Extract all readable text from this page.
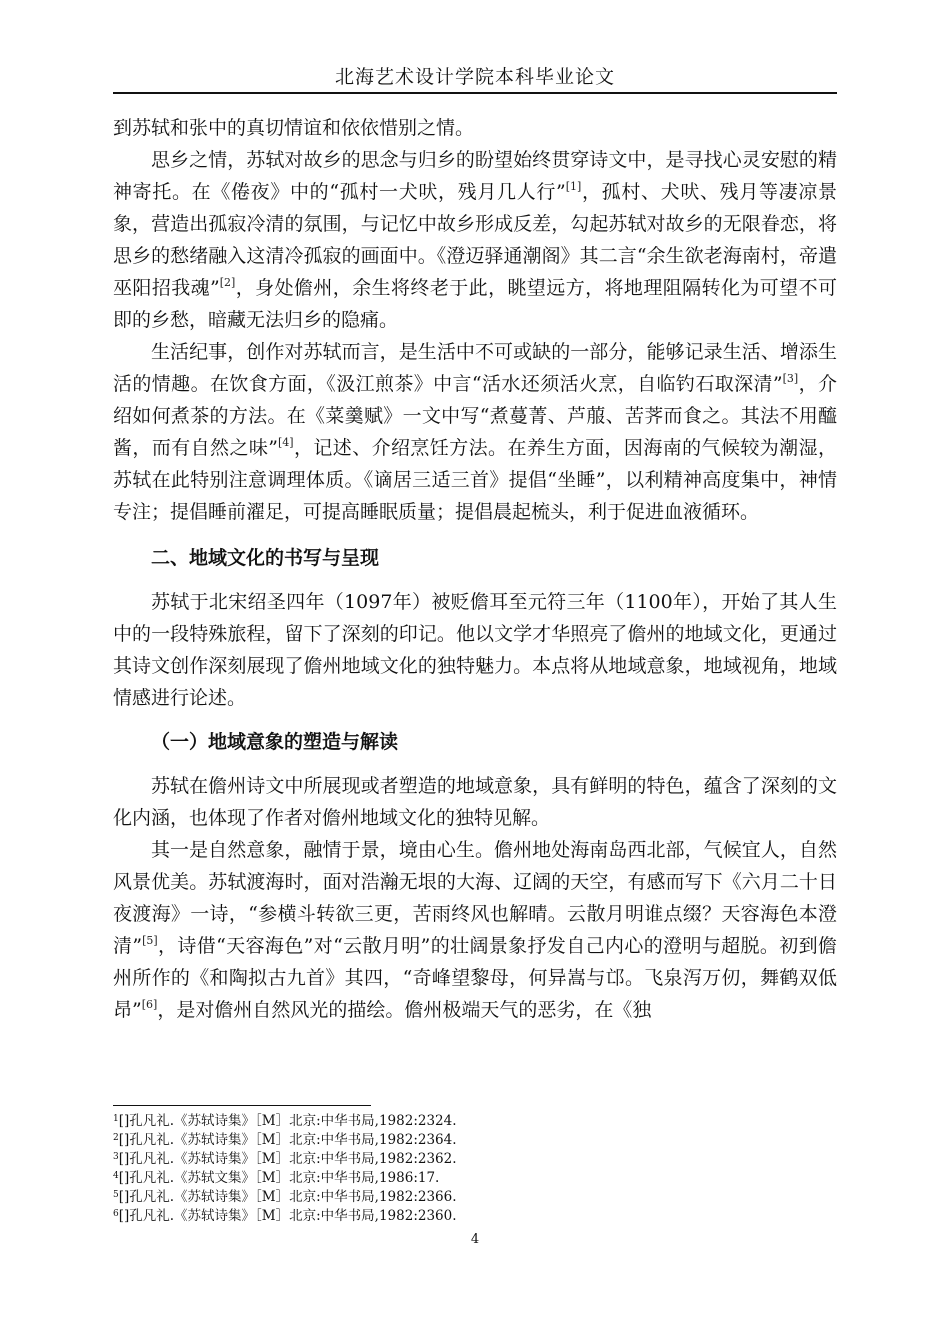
北海艺术设计学院本科毕业论文

到苏轼和张中的真切情谊和依依惜别之情。

思乡之情，苏轼对故乡的思念与归乡的盼望始终贯穿诗文中，是寻找心灵安慰的精神寄托。在《倦夜》中的“孤村一犬吠，残月几人行”[1]，孤村、犬吠、残月等凄凉景象，营造出孤寂冷清的氛围，与记忆中故乡形成反差，勾起苏轼对故乡的无限眷恋，将思乡的愁绪融入这清冷孤寂的画面中。《澄迈驿通潮阁》其二言“余生欲老海南村，帝遣巫阳招我魂”[2]，身处儋州，余生将终老于此，眺望远方，将地理阻隔转化为可望不可即的乡愁，暗藏无法归乡的隐痛。

生活纪事，创作对苏轼而言，是生活中不可或缺的一部分，能够记录生活、增添生活的情趣。在饮食方面，《汲江煎茶》中言“活水还须活火烹，自临钓石取深清”[3]，介绍如何煮茶的方法。在《菜羹赋》一文中写“煮蔓菁、芦菔、苦荠而食之。其法不用醯酱，而有自然之味”[4]，记述、介绍烹饪方法。在养生方面，因海南的气候较为潮湿，苏轼在此特别注意调理体质。《谪居三适三首》提倡“坐睡”，以利精神高度集中，神情专注；提倡睡前濯足，可提高睡眠质量；提倡晨起梳头，利于促进血液循环。

二、地域文化的书写与呈现

苏轼于北宋绍圣四年（1097年）被贬儋耳至元符三年（1100年），开始了其人生中的一段特殊旅程，留下了深刻的印记。他以文学才华照亮了儋州的地域文化，更通过其诗文创作深刻展现了儋州地域文化的独特魅力。本点将从地域意象，地域视角，地域情感进行论述。

（一）地域意象的塑造与解读

苏轼在儋州诗文中所展现或者塑造的地域意象，具有鲜明的特色，蕴含了深刻的文化内涵，也体现了作者对儋州地域文化的独特见解。

其一是自然意象，融情于景，境由心生。儋州地处海南岛西北部，气候宜人，自然风景优美。苏轼渡海时，面对浩瀚无垠的大海、辽阔的天空，有感而写下《六月二十日夜渡海》一诗，“参横斗转欲三更，苦雨终风也解晴。云散月明谁点缀？天容海色本澄清”[5]，诗借“天容海色”对“云散月明”的壮阔景象抒发自己内心的澄明与超脱。初到儋州所作的《和陶拟古九首》其四，“奇峰望黎母，何异嵩与邙。飞泉泻万仞，舞鹤双低昂”[6]，是对儋州自然风光的描绘。儋州极端天气的恶劣，在《独

$^1$[]孔凡礼.《苏轼诗集》［M］北京:中华书局,1982:2324.
$^2$[]孔凡礼.《苏轼诗集》［M］北京:中华书局,1982:2364.
$^3$[]孔凡礼.《苏轼诗集》［M］北京:中华书局,1982:2362.
$^4$[]孔凡礼.《苏轼文集》［M］北京:中华书局,1986:17.
$^5$[]孔凡礼.《苏轼诗集》［M］北京:中华书局,1982:2366.
$^6$[]孔凡礼.《苏轼诗集》［M］北京:中华书局,1982:2360.
4
